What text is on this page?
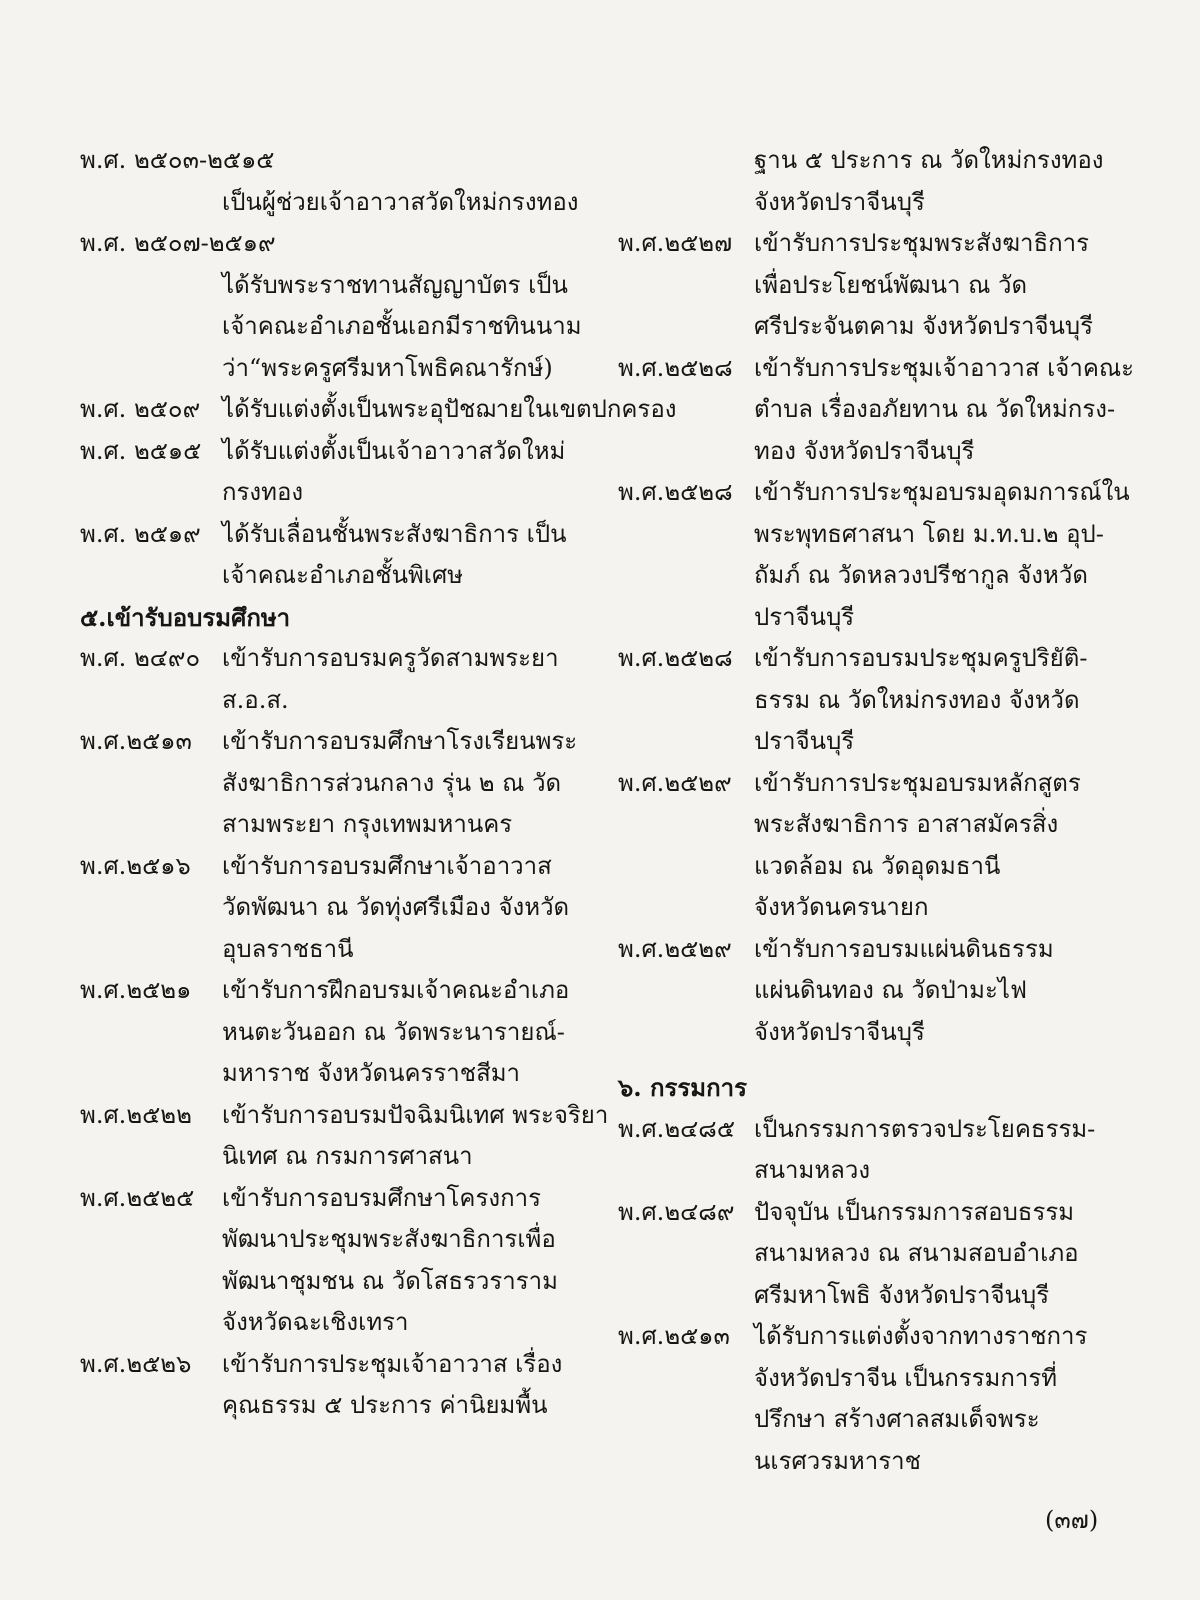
พ.ศ. ๒๕๐๓-๒๕๑๕
เป็นผู้ช่วยเจ้าอาวาสวัดใหม่กรงทอง
พ.ศ. ๒๕๐๗-๒๕๑๙
ได้รับพระราชทานสัญญาบัตร เป็น
เจ้าคณะอำเภอชั้นเอกมีราชทินนาม
ว่า“พระครูศรีมหาโพธิคณารักษ์)
พ.ศ. ๒๕๐๙ ได้รับแต่งตั้งเป็นพระอุปัชฌายในเขตปกครอง
พ.ศ. ๒๕๑๕ ได้รับแต่งตั้งเป็นเจ้าอาวาสวัดใหม่
กรงทอง
พ.ศ. ๒๕๑๙ ได้รับเลื่อนชั้นพระสังฆาธิการ เป็น
เจ้าคณะอำเภอชั้นพิเศษ
๕.เข้ารับอบรมศึกษา
พ.ศ. ๒๔๙๐ เข้ารับการอบรมครูวัดสามพระยา
ส.อ.ส.
พ.ศ.๒๕๑๓	เข้ารับการอบรมศึกษาโรงเรียนพระ
สังฆาธิการส่วนกลาง รุ่น ๒ ณ วัด
สามพระยา กรุงเทพมหานคร
พ.ศ.๒๕๑๖	เข้ารับการอบรมศึกษาเจ้าอาวาส
วัดพัฒนา ณ วัดทุ่งศรีเมือง จังหวัด
อุบลราชธานี
พ.ศ.๒๕๒๑	เข้ารับการฝึกอบรมเจ้าคณะอำเภอ
หนตะวันออก ณ วัดพระนารายณ์-
มหาราช จังหวัดนครราชสีมา
พ.ศ.๒๕๒๒	เข้ารับการอบรมปัจฉิมนิเทศ พระจริยา
นิเทศ ณ กรมการศาสนา
พ.ศ.๒๕๒๕	เข้ารับการอบรมศึกษาโครงการ
พัฒนาประชุมพระสังฆาธิการเพื่อ
พัฒนาชุมชน ณ วัดโสธรวราราม
จังหวัดฉะเชิงเทรา
พ.ศ.๒๕๒๖	เข้ารับการประชุมเจ้าอาวาส เรื่อง
คุณธรรม ๕ ประการ ค่านิยมพื้น
ฐาน ๕ ประการ ณ วัดใหม่กรงทอง
จังหวัดปราจีนบุรี
พ.ศ.๒๕๒๗ เข้ารับการประชุมพระสังฆาธิการ
เพื่อประโยชน์พัฒนา ณ วัด
ศรีประจันตคาม จังหวัดปราจีนบุรี
พ.ศ.๒๕๒๘ เข้ารับการประชุมเจ้าอาวาส เจ้าคณะ
ตำบล เรื่องอภัยทาน ณ วัดใหม่กรง-
ทอง จังหวัดปราจีนบุรี
พ.ศ.๒๕๒๘ เข้ารับการประชุมอบรมอุดมการณ์ใน
พระพุทธศาสนา โดย ม.ท.บ.๒ อุป-
ถัมภ์ ณ วัดหลวงปรีชากูล จังหวัด
ปราจีนบุรี
พ.ศ.๒๕๒๘ เข้ารับการอบรมประชุมครูปริยัติ-
ธรรม ณ วัดใหม่กรงทอง จังหวัด
ปราจีนบุรี
พ.ศ.๒๕๒๙ เข้ารับการประชุมอบรมหลักสูตร
พระสังฆาธิการ อาสาสมัครสิ่ง
แวดล้อม ณ วัดอุดมธานี
จังหวัดนครนายก
พ.ศ.๒๕๒๙ เข้ารับการอบรมแผ่นดินธรรม
แผ่นดินทอง ณ วัดป่ามะไฟ
จังหวัดปราจีนบุรี
๖. กรรมการ
พ.ศ.๒๔๘๕ เป็นกรรมการตรวจประโยคธรรม-
สนามหลวง
พ.ศ.๒๔๘๙ ปัจจุบัน เป็นกรรมการสอบธรรม
สนามหลวง ณ สนามสอบอำเภอ
ศรีมหาโพธิ จังหวัดปราจีนบุรี
พ.ศ.๒๕๑๓	ได้รับการแต่งตั้งจากทางราชการ
จังหวัดปราจีน เป็นกรรมการที่
ปรึกษา สร้างศาลสมเด็จพระ
นเรศวรมหาราช
(๓๗)
